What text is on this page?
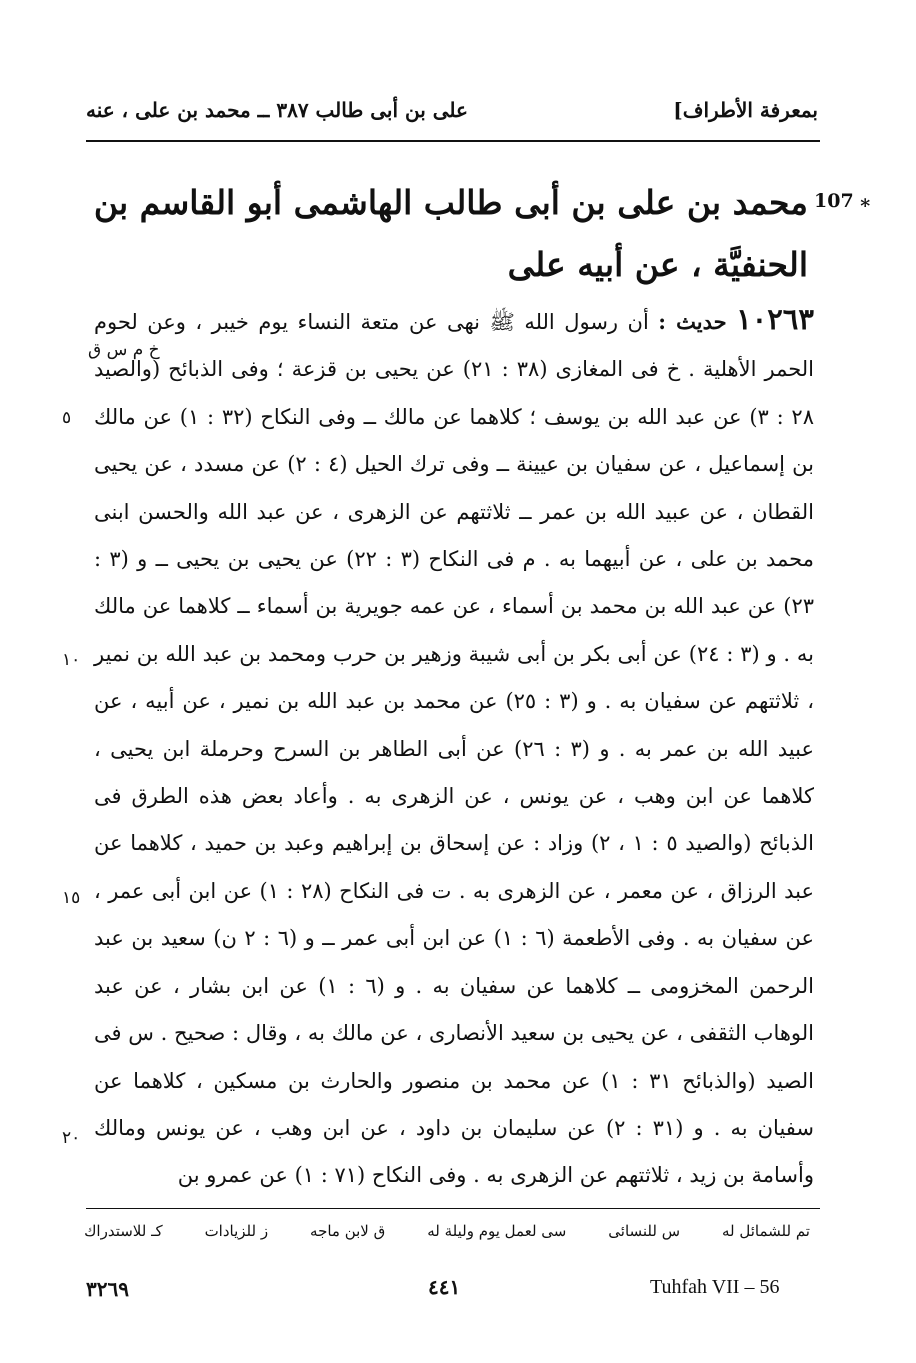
بمعرفة الأطراف]
على بن أبى طالب ٣٨٧ ــ محمد بن على ، عنه
107 ⁎
محمد بن على بن أبى طالب الهاشمى أبو القاسم بن الحنفيَّة ، عن أبيه على
١٠٢٦٣ حديث : أن رسول الله ﷺ نهى عن متعة النساء يوم خيبر ، وعن لحوم الحمر الأهلية . خ فى المغازى (٣٨ : ٢١) عن يحيى بن قزعة ؛ وفى الذبائح (والصيد ٢٨ : ٣) عن عبد الله بن يوسف ؛ كلاهما عن مالك ــ وفى النكاح (٣٢ : ١) عن مالك بن إسماعيل ، عن سفيان بن عيينة ــ وفى ترك الحيل (٤ : ٢) عن مسدد ، عن يحيى القطان ، عن عبيد الله بن عمر ــ ثلاثتهم عن الزهرى ، عن عبد الله والحسن ابنى محمد بن على ، عن أبيهما به . م فى النكاح (٣ : ٢٢) عن يحيى بن يحيى ــ و (٣ : ٢٣) عن عبد الله بن محمد بن أسماء ، عن عمه جويرية بن أسماء ــ كلاهما عن مالك به . و (٣ : ٢٤) عن أبى بكر بن أبى شيبة وزهير بن حرب ومحمد بن عبد الله بن نمير ، ثلاثتهم عن سفيان به . و (٣ : ٢٥) عن محمد بن عبد الله بن نمير ، عن أبيه ، عن عبيد الله بن عمر به . و (٣ : ٢٦) عن أبى الطاهر بن السرح وحرملة ابن يحيى ، كلاهما عن ابن وهب ، عن يونس ، عن الزهرى به . وأعاد بعض هذه الطرق فى الذبائح (والصيد ٥ : ١ ، ٢) وزاد : عن إسحاق بن إبراهيم وعبد بن حميد ، كلاهما عن عبد الرزاق ، عن معمر ، عن الزهرى به . ت فى النكاح (٢٨ : ١) عن ابن أبى عمر ، عن سفيان به . وفى الأطعمة (٦ : ١) عن ابن أبى عمر ــ و (٦ : ٢ ن) سعيد بن عبد الرحمن المخزومى ــ كلاهما عن سفيان به . و (٦ : ١) عن ابن بشار ، عن عبد الوهاب الثقفى ، عن يحيى بن سعيد الأنصارى ، عن مالك به ، وقال : صحيح . س فى الصيد (والذبائح ٣١ : ١) عن محمد بن منصور والحارث بن مسكين ، كلاهما عن سفيان به . و (٣١ : ٢) عن سليمان بن داود ، عن ابن وهب ، عن يونس ومالك وأسامة بن زيد ، ثلاثتهم عن الزهرى به . وفى النكاح (٧١ : ١) عن عمرو بن
خ م س ق
٥
١٠
١٥
٢٠
تم للشمائل له
س للنسائى
سى لعمل يوم وليلة له
ق لابن ماجه
ز للزيادات
كـ للاستدراك
٣٢٦٩	٤٤١	Tuhfah VII – 56
